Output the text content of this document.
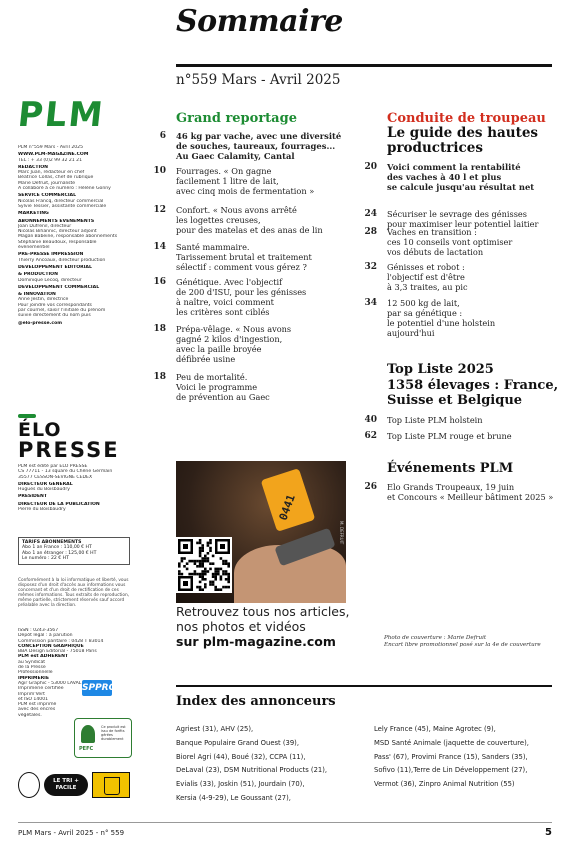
Sommaire
n°559 Mars - Avril 2025
PLM
PLM n°559 Mars - Avril 2025
WWW.PLM-MAGAZINE.COM
TEL : + 33 (0)2 99 32 21 21
RÉDACTION
Marc Juan, rédacteur en chef
Béatrice Collas, chef de rubrique
Marie Defruit, journaliste
A collaboré à ce numéro : Hélène Gonny
SERVICE COMMERCIAL
Nicolas Francq, directeur commercial
Sylvie Tessier, assistante commerciale
MARKETING
ABONNEMENTS ÉVÉNEMENTS
Joan Dufrenil, directeur
Nicolas Bihannic, directeur adjoint
Magali Babeine, responsable abonnements
Stéphanie Beaudoux, responsable
événementiel
PRÉ-PRESSE IMPRESSION
Thierry Ancoaux, directeur production
DÉVELOPPEMENT ÉDITORIAL
& PRODUCTION
Dominique Lecoq, directeur
DÉVELOPPEMENT COMMERCIAL
& INNOVATION
Anne Jestin, directrice
Pour joindre vos correspondants
par courriel, saisir l'initiale du prénom
suivie directement du nom puis
@elo-presse.com
ÉLO
PRESSE
PLM est édité par ÉLO PRESSE
CS 77711 - 13 square du Chêne Germain
35577 CESSON-SÉVIGNÉ CEDEX
DIRECTEUR GÉNÉRAL
Hugues du Boisbaudry
PRÉSIDENT
DIRECTEUR DE LA PUBLICATION
Pierre du Boisbaudry
TARIFS ABONNEMENTS
Abo 1 an France : 110,00 € HT
Abo 1 an étranger : 125,00 € HT
Le numéro : 22 € HT
Conformément à la loi informatique et liberté, vous disposez d'un droit d'accès aux informations vous concernant et d'un droit de rectification de ces mêmes informations. Tous extraits de reproduction, même partielle, strictement réservés sauf accord préalable avec la direction.
ISSN : 0243-3567
Dépôt légal : à parution
Commission paritaire : 0428 T 83014
CONCEPTION GRAPHIQUE
BBA Design Editorial - 75018 Paris
PLM est ADHÉRENT
au Syndicat
de la Presse
Professionnelle
IMPRIMERIE
Agir Graphic - 53000 LAVAL
Imprimerie certifiée
Imprim'Vert
et ISO 14001
PLM est imprimé
avec des encres
végétales.
SPPRO
PEFC
Ce produit est issu de forêts gérées durablement
LE TRI + FACILE
Grand reportage
6 46 kg par vache, avec une diversité
de souches, taureaux, fourrages...
Au Gaec Calamity, Cantal
10 Fourrages. « On gagne
facilement 1 litre de lait,
avec cinq mois de fermentation »
12 Confort. « Nous avons arrêté
les logettes creuses,
pour des matelas et des anas de lin
14 Santé mammaire.
Tarissement brutal et traitement
sélectif : comment vous gérez ?
16 Génétique. Avec l'objectif
de 200 d'ISU, pour les génisses
à naître, voici comment
les critères sont ciblés
18 Prépa-vêlage. « Nous avons
gagné 2 kilos d'ingestion,
avec la paille broyée
défibrée usine
18 Peu de mortalité.
Voici le programme
de prévention au Gaec
Conduite de troupeau
Le guide des hautes
productrices
20 Voici comment la rentabilité
des vaches à 40 l et plus
se calcule jusqu'au résultat net
24 Sécuriser le sevrage des génisses
pour maximiser leur potentiel laitier
28 Vaches en transition :
ces 10 conseils vont optimiser
vos débuts de lactation
32 Génisses et robot :
l'objectif est d'être
à 3,3 traites, au pic
34 12 500 kg de lait,
par sa génétique :
le potentiel d'une holstein
aujourd'hui
Top Liste 2025
1358 élevages : France,
Suisse et Belgique
40 Top Liste PLM holstein
62 Top Liste PLM rouge et brune
Événements PLM
26 Elo Grands Troupeaux, 19 juin
et Concours « Meilleur bâtiment 2025 »
0441
M. DEFRUIT
Retrouvez tous nos articles,
nos photos et vidéos
sur plm-magazine.com	Photo de couverture : Marie Defruit
Encart libre promotionnel posé sur la 4e de couverture
Index des annonceurs
Agriest (31), AHV (25),
Banque Populaire Grand Ouest (39),
Biorel Agri (44), Boué (32), CCPA (11),
DeLaval (23), DSM Nutritional Products (21),
Evialis (33), Joskin (51), Jourdain (70),
Kersia (4-9-29), Le Goussant (27),
Lely France (45), Maine Agrotec (9),
MSD Santé Animale (jaquette de couverture),
Pass' (67), Provimi France (15), Sanders (35),
Sofivo (11),Terre de Lin Développement (27),
Vermot (36), Zinpro Animal Nutrition (55)
PLM Mars - Avril 2025 - n° 559	5
